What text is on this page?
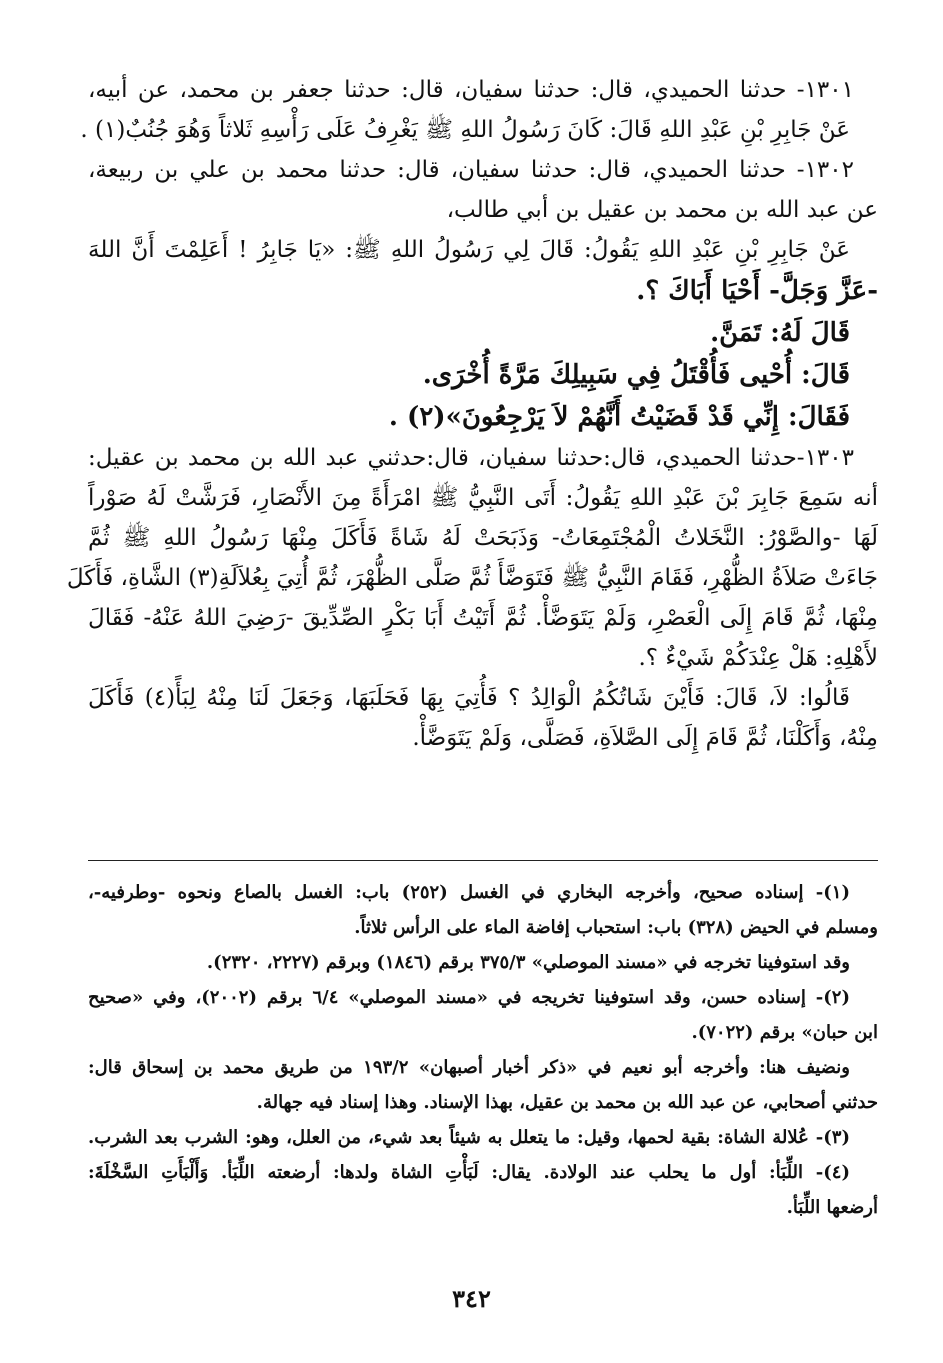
١٣٠١- حدثنا الحميدي، قال: حدثنا سفيان، قال: حدثنا جعفر بن محمد، عن أبيه،
عَنْ جَابِرِ بْنِ عَبْدِ اللهِ قَالَ: كَانَ رَسُولُ اللهِ ﷺ يَغْرِفُ عَلَى رَأْسِهِ ثَلاثاً وَهُوَ جُنُبٌ(١) .
١٣٠٢- حدثنا الحميدي، قال: حدثنا سفيان، قال: حدثنا محمد بن علي بن ربيعة،
عن عبد الله بن محمد بن عقيل بن أبي طالب،
عَنْ جَابِرِ بْنِ عَبْدِ اللهِ يَقُولُ: قَالَ لِي رَسُولُ اللهِ ﷺ: «يَا جَابِرُ ! أَعَلِمْتَ أَنَّ اللهَ
-عَزَّ وَجَلَّ- أَحْيَا أَبَاكَ ؟.
قَالَ لَهُ: تَمَنَّ.
قَالَ: أُحْيى فَأُقْتَلُ فِي سَبِيلِكَ مَرَّةً أُخْرَى.
فَقَالَ: إِنِّي قَدْ قَضَيْتُ أَنَّهُمْ لاَ يَرْجِعُونَ»(٢) .
١٣٠٣-حدثنا الحميدي، قال:حدثنا سفيان، قال:حدثني عبد الله بن محمد بن عقيل:
أنه سَمِعَ جَابِرَ بْنَ عَبْدِ اللهِ يَقُولُ: أَتَى النَّبِيُّ ﷺ امْرَأَةً مِنَ الأَنْصَارِ، فَرَشَّتْ لَهُ صَوْراً
لَهَا -والصَّوْرُ: النَّخَلاتُ الْمُجْتَمِعَاتُ- وَذَبَحَتْ لَهُ شَاةً فَأَكَلَ مِنْهَا رَسُولُ اللهِ ﷺ ثُمَّ
جَاءَتْ صَلاَةُ الظُّهْرِ، فَقَامَ النَّبِيُّ ﷺ فَتَوَضَّأَ ثُمَّ صَلَّى الظُّهْرَ، ثُمَّ أُتِيَ بِعُلاَلَةِ(٣) الشَّاةِ، فَأَكَلَ
مِنْهَا، ثُمَّ قَامَ إِلَى الْعَصْرِ، وَلَمْ يَتَوَضَّأْ. ثُمَّ أَتَيْتُ أَبَا بَكْرٍ الصِّدِّيقَ -رَضِيَ اللهُ عَنْهُ- فَقَالَ
لأَهْلِهِ: هَلْ عِنْدَكُمْ شَيْءٌ ؟.
قَالُوا: لاَ، قَالَ: فَأَيْنَ شَاتُكُمُ الْوَالِدُ ؟ فَأُتِيَ بِهَا فَحَلَبَهَا، وَجَعَلَ لَنَا مِنْهُ لِبَأً(٤) فَأَكَلَ
مِنْهُ، وَأَكَلْنَا، ثُمَّ قَامَ إِلَى الصَّلاَةِ، فَصَلَّى، وَلَمْ يَتَوَضَّأْ.
(١)- إسناده صحيح، وأخرجه البخاري في الغسل (٢٥٢) باب: الغسل بالصاع ونحوه -وطرفيه-،
ومسلم في الحيض (٣٢٨) باب: استحباب إفاضة الماء على الرأس ثلاثاً.
وقد استوفينا تخرجه في «مسند الموصلي» ٣٧٥/٣ برقم (١٨٤٦) وبرقم (٢٢٢٧، ٢٣٢٠).
(٢)- إسناده حسن، وقد استوفينا تخريجه في «مسند الموصلي» ٦/٤ برقم (٢٠٠٢)، وفي «صحيح
ابن حبان» برقم (٧٠٢٢).
ونضيف هنا: وأخرجه أبو نعيم في «ذكر أخبار أصبهان» ١٩٣/٢ من طريق محمد بن إسحاق قال:
حدثني أصحابي، عن عبد الله بن محمد بن عقيل، بهذا الإسناد. وهذا إسناد فيه جهالة.
(٣)- عُلالة الشاة: بقية لحمها، وقيل: ما يتعلل به شيئاً بعد شيء، من العلل، وهو: الشرب بعد الشرب.
(٤)- اللِّبَأ: أول ما يحلب عند الولادة. يقال: لَبَأْتِ الشاة ولدها: أرضعته اللِّبَأ. وَأَلْبَأَتِ السَّخْلَةَ:
أرضعها اللِّبَأ.
٣٤٢
